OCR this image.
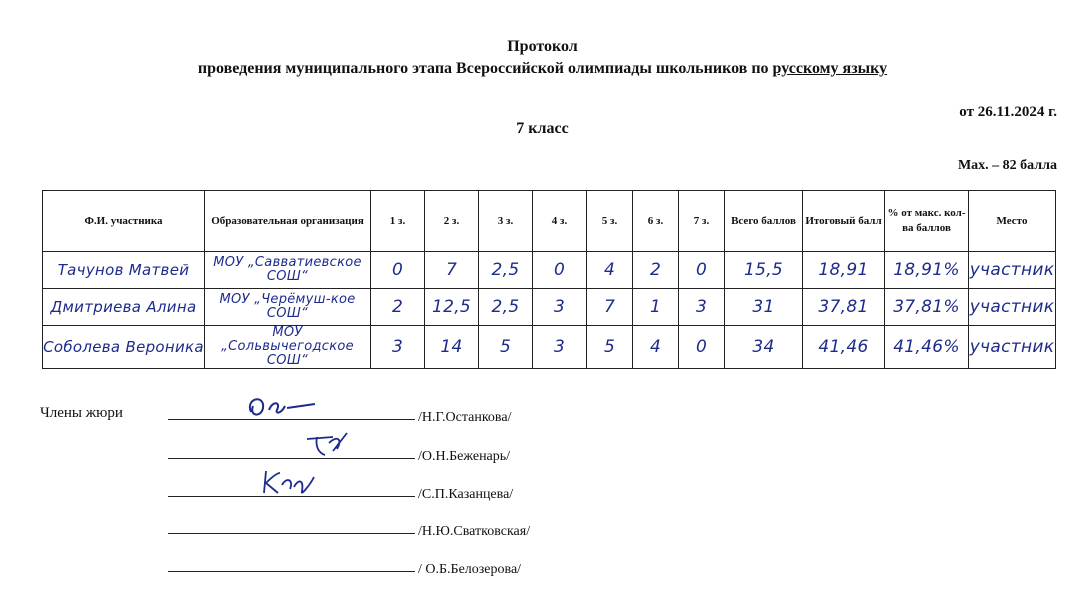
Протокол
проведения муниципального этапа Всероссийской олимпиады школьников по русскому языку
от 26.11.2024 г.
7 класс
Max. – 82 балла
Ф.И. участника	Образовательная организация	1 з.	2 з.	3 з.	4 з.	5 з.	6 з.	7 з.	Всего баллов	Итоговый балл	% от макс. кол-ва баллов	Место

Тачунов Матвей	МОУ „Савватиевское СОШ“	0	7	2,5	0	4	2	0	15,5	18,91	18,91%	участник

Дмитриева Алина	МОУ „Черёмуш-кое СОШ“	2	12,5	2,5	3	7	1	3	31	37,81	37,81%	участник

Соболева Вероника	МОУ „Сольвычегодское СОШ“	3	14	5	3	5	4	0	34	41,46	41,46%	участник
Члены жюри	/Н.Г.Останкова/
/О.Н.Беженарь/
/С.П.Казанцева/
/Н.Ю.Сватковская/
/ О.Б.Белозерова/
